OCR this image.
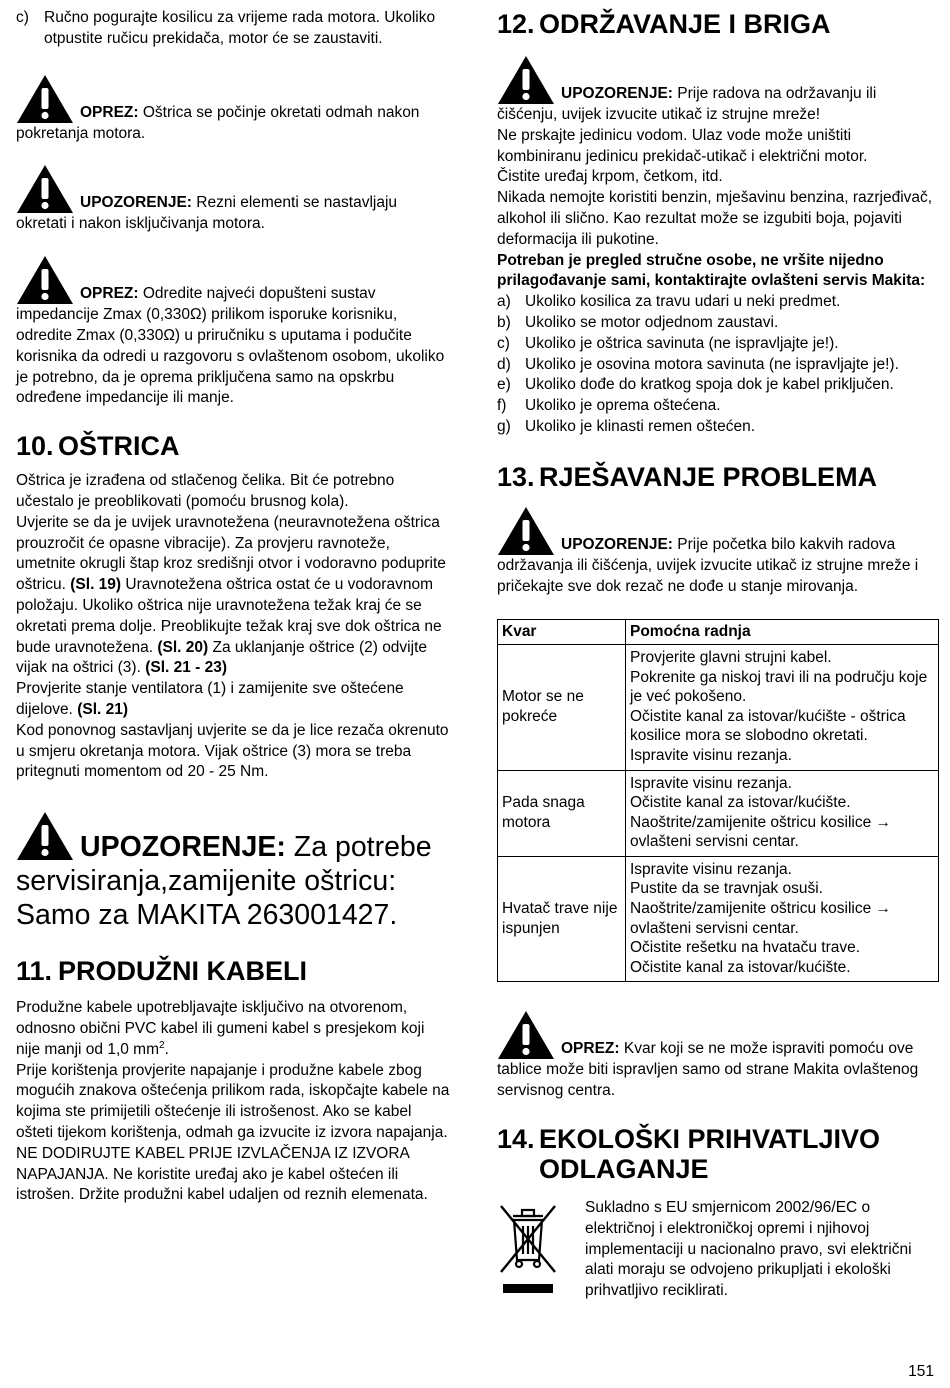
c) Ručno pogurajte kosilicu za vrijeme rada motora. Ukoliko otpustite ručicu prekidača, motor će se zaustaviti.
OPREZ: Oštrica se počinje okretati odmah nakon pokretanja motora.
UPOZORENJE: Rezni elementi se nastavljaju okretati i nakon isključivanja motora.
OPREZ: Odredite najveći dopušteni sustav impedancije Zmax (0,330Ω) prilikom isporuke korisniku, odredite Zmax (0,330Ω) u priručniku s uputama i podučite korisnika da odredi u razgovoru s ovlaštenom osobom, ukoliko je potrebno, da je oprema priključena samo na opskrbu određene impedancije ili manje.
10. OŠTRICA

Oštrica je izrađena od stlačenog čelika. Bit će potrebno učestalo je preoblikovati (pomoću brusnog kola).

Uvjerite se da je uvijek uravnotežena (neuravnotežena oštrica prouzročit će opasne vibracije). Za provjeru ravnoteže, umetnite okrugli štap kroz središnji otvor i vodoravno poduprite oštricu. (Sl. 19) Uravnotežena oštrica ostat će u vodoravnom položaju. Ukoliko oštrica nije uravnotežena težak kraj će se okretati prema dolje. Preoblikujte težak kraj sve dok oštrica ne bude uravnotežena. (Sl. 20) Za uklanjanje oštrice (2) odvijte vijak na oštrici (3). (Sl. 21 - 23)

Provjerite stanje ventilatora (1) i zamijenite sve oštećene dijelove. (Sl. 21)

Kod ponovnog sastavljanj uvjerite se da je lice rezača okrenuto u smjeru okretanja motora. Vijak oštrice (3) mora se treba pritegnuti momentom od 20 - 25 Nm.

UPOZORENJE: Za potrebe servisiranja,zamijenite oštricu: Samo za MAKITA 263001427.
11. PRODUŽNI KABELI

Produžne kabele upotrebljavajte isključivo na otvorenom, odnosno obični PVC kabel ili gumeni kabel s presjekom koji nije manji od 1,0 $mm^2$.

Prije korištenja provjerite napajanje i produžne kabele zbog mogućih znakova oštećenja prilikom rada, iskopčajte kabele na kojima ste primijetili oštećenje ili istrošenost. Ako se kabel ošteti tijekom korištenja, odmah ga izvucite iz izvora napajanja. NE DODIRUJTE KABEL PRIJE IZVLAČENJA IZ IZVORA NAPAJANJA. Ne koristite uređaj ako je kabel oštećen ili istrošen. Držite produžni kabel udaljen od reznih elemenata.

12. ODRŽAVANJE I BRIGA
UPOZORENJE: Prije radova na održavanju ili čišćenju, uvijek izvucite utikač iz strujne mreže!

Ne prskajte jedinicu vodom. Ulaz vode može uništiti kombiniranu jedinicu prekidač-utikač i električni motor.

Čistite uređaj krpom, četkom, itd.

Nikada nemojte koristiti benzin, mješavinu benzina, razrjeđivač, alkohol ili slično. Kao rezultat može se izgubiti boja, pojaviti deformacija ili pukotine.

Potreban je pregled stručne osobe, ne vršite nijedno prilagođavanje sami, kontaktirajte ovlašteni servis Makita:

a) Ukoliko kosilica za travu udari u neki predmet.
b) Ukoliko se motor odjednom zaustavi.
c) Ukoliko je oštrica savinuta (ne ispravljajte je!).
d) Ukoliko je osovina motora savinuta (ne ispravljajte je!).
e) Ukoliko dođe do kratkog spoja dok je kabel priključen.
f) Ukoliko je oprema oštećena.
g) Ukoliko je klinasti remen oštećen.
13. RJEŠAVANJE PROBLEMA
UPOZORENJE: Prije početka bilo kakvih radova održavanja ili čišćenja, uvijek izvucite utikač iz strujne mreže i pričekajte sve dok rezač ne dođe u stanje mirovanja.
Kvar	Pomoćna radnja
Motor se ne pokreće	Provjerite glavni strujni kabel.
Pokrenite ga niskoj travi ili na području koje je već pokošeno.
Očistite kanal za istovar/kućište - oštrica kosilice mora se slobodno okretati.
Ispravite visinu rezanja.

Pada snaga motora	Ispravite visinu rezanja.
Očistite kanal za istovar/kućište.
Naoštrite/zamijenite oštricu kosilice → ovlašteni servisni centar.

Hvatač trave nije ispunjen	Ispravite visinu rezanja.
Pustite da se travnjak osuši.
Naoštrite/zamijenite oštricu kosilice → ovlašteni servisni centar.
Očistite rešetku na hvataču trave.
Očistite kanal za istovar/kućište.
OPREZ: Kvar koji se ne može ispraviti pomoću ove tablice može biti ispravljen samo od strane Makita ovlaštenog servisnog centra.
14. EKOLOŠKI PRIHVATLJIVO ODLAGANJE

Sukladno s EU smjernicom 2002/96/EC o električnoj i elektroničkoj opremi i njihovoj implementaciji u nacionalno pravo, svi električni alati moraju se odvojeno prikupljati i ekološki prihvatljivo reciklirati.

151
